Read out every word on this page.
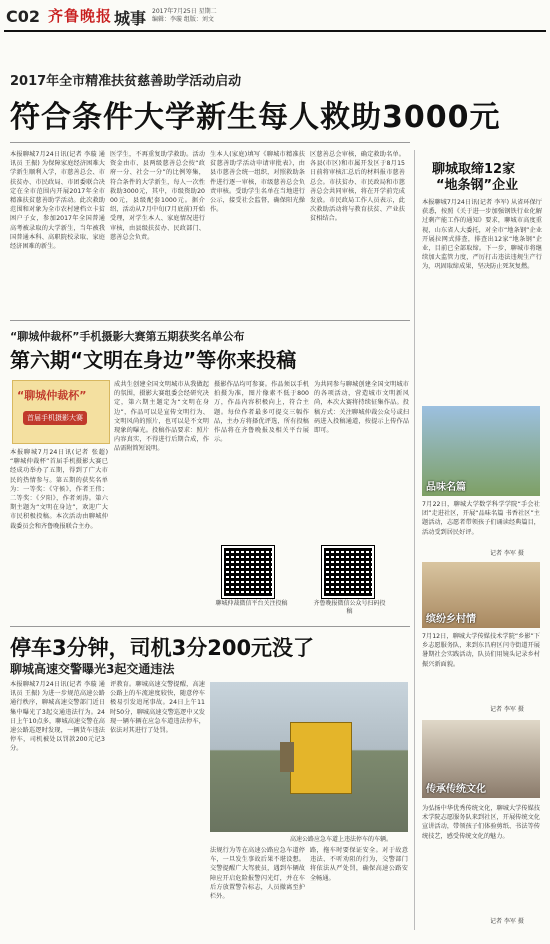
C02 齐鲁晚报 城事 2017年7月25日 星期二
编辑：李璇 组版：刘文
2017年全市精准扶贫慈善助学活动启动
符合条件大学新生每人救助3000元
本报聊城7月24日讯(记者 李璇 通讯员 王振) 为保障家庭经济困难大学新生顺利入学，市慈善总会、市扶贫办、市民政局、市团委联合决定在全市范围内开展2017年全市精准扶贫慈善助学活动。此次救助范围和对象为全市农村建档立卡贫困户子女，参加2017年全国普通高考被录取的大学新生，当年被我国普通本科、高职院校录取、家庭经济困难的新生。
医学生，不再重复助学救助。活动资金由市、县两级慈善总会按“政府一分、社会一分”的比例筹集，符合条件的大学新生，每人一次性救助3000元，其中，市级资助2000元，县级配套1000元。据介绍，活动从7月中旬(7月底前)开始受理，对学生本人、家庭情况进行审核，由县级扶贫办、民政部门、慈善总会负责。
生本人(家庭)填写《聊城市精准扶贫慈善助学活动申请审批表》，由县市慈善会统一组织，对照救助条件进行逐一审核，市级慈善总会负责审核。受助学生名单在当地进行公示，接受社会监督，确保阳光操作。
区慈善总会审核，确定救助名单。各县(市区)和市属开发区于8月15日前将审核汇总后的材料报市慈善总会。市扶贫办、市民政局和市慈善总会共同审核，将在开学前完成发放。市民政局工作人员表示，此次救助活动将与教育扶贫、产业扶贫相结合。
聊城取缔12家
“地条钢”企业
本报聊城7月24日讯(记者 李军) 从省环保厅获悉，按照《关于进一步加强钢铁行业化解过剩产能工作的通知》要求，聊城市高度重视，山东省人大委托，对全市“地条钢”企业开展拉网式排查，排查出12家“地条钢”企业，目前已全部取缔。下一步，聊城市将继续加大监管力度，严厉打击违法违规生产行为，巩固取缔成果，坚决防止死灰复燃。
“聊城仲裁杯”手机摄影大赛第五期获奖名单公布
第六期“文明在身边”等你来投稿
“聊城仲裁杯”
首届手机摄影大赛
本报聊城7月24日讯(记者 张超) “聊城仲裁杯”首届手机摄影大赛已经成功举办了五期，得到了广大市民的热情参与。第五期的获奖名单为：一等奖：《守候》，作者王伟；二等奖：《夕阳》，作者刘涛。第六期主题为“文明在身边”，欢迎广大市民积极投稿。本次活动由聊城仲裁委员会和齐鲁晚报联合主办。
成共生创建全国文明城市从我做起的氛围，摄影大赛组委会经研究决定，第六期主题定为“文明在身边”，作品可以是宣传文明行为、文明风尚的照片，也可以是不文明现象的曝光。投稿作品要求：照片内容真实，不得进行后期合成，作品需附简短说明。
摄影作品均可参赛。作品须以手机拍摄为准，图片像素不低于800万，作品内容积极向上，符合主题。每位作者最多可提交三幅作品，主办方将择优评选，所有投稿作品将在齐鲁晚报及相关平台展示。
为共同参与聊城创建全国文明城市的各项活动，营造城市文明新风尚，本次大赛将持续征集作品。投稿方式：关注聊城仲裁公众号或扫码进入投稿通道，按提示上传作品即可。
聊城仲裁微信平台关注投稿	齐鲁晚报微信公众号扫码投稿
品味名篇
7月22日，聊城大学数学科学学院“手会社团”走进社区，开展“品味名篇 书香社区”主题活动，志愿者带领孩子们诵读经典篇目，活动受到居民好评。
记者 李军 摄
缤纷乡村情
7月12日，聊城大学传媒技术学院“乡影”下乡志愿服务队，来到东昌府区闫寺街道开展暑期社会实践活动，队员们用镜头记录乡村振兴新面貌。
记者 李军 摄
传承传统文化
为弘扬中华优秀传统文化，聊城大学传媒技术学院志愿服务队来到社区，开展传统文化宣讲活动，带领孩子们体验剪纸、书法等传统技艺，感受传统文化的魅力。
记者 李军 摄
停车3分钟，司机3分200元没了
聊城高速交警曝光3起交通违法
本报聊城7月24日讯(记者 李璇 通讯员 王振) 为进一步规范高速公路通行秩序，聊城高速交警部门近日集中曝光了3起交通违法行为。24日上午10点多，聊城高速交警在高速公路巡逻时发现，一辆货车违法停车，司机被处以罚款200元记3分。
评教育。聊城高速交警提醒，高速公路上的车流速度较快，随意停车极易引发追尾事故。24日上午11时50分，聊城高速交警巡逻中又发现一辆车辆在应急车道违法停车，依法对其进行了处罚。
高速公路应急车道上违法停车的车辆。
法规行为等在高速公路应急车道停车，一旦发生事故后果不堪设想。交警提醒广大驾驶员，遇到车辆故障应开启危险报警闪光灯，并在车后方放置警告标志，人员撤离至护栏外。
路，拖车时要保证安全。对于故意违法、不听劝阻的行为，交警部门将依法从严处罚，确保高速公路安全畅通。
